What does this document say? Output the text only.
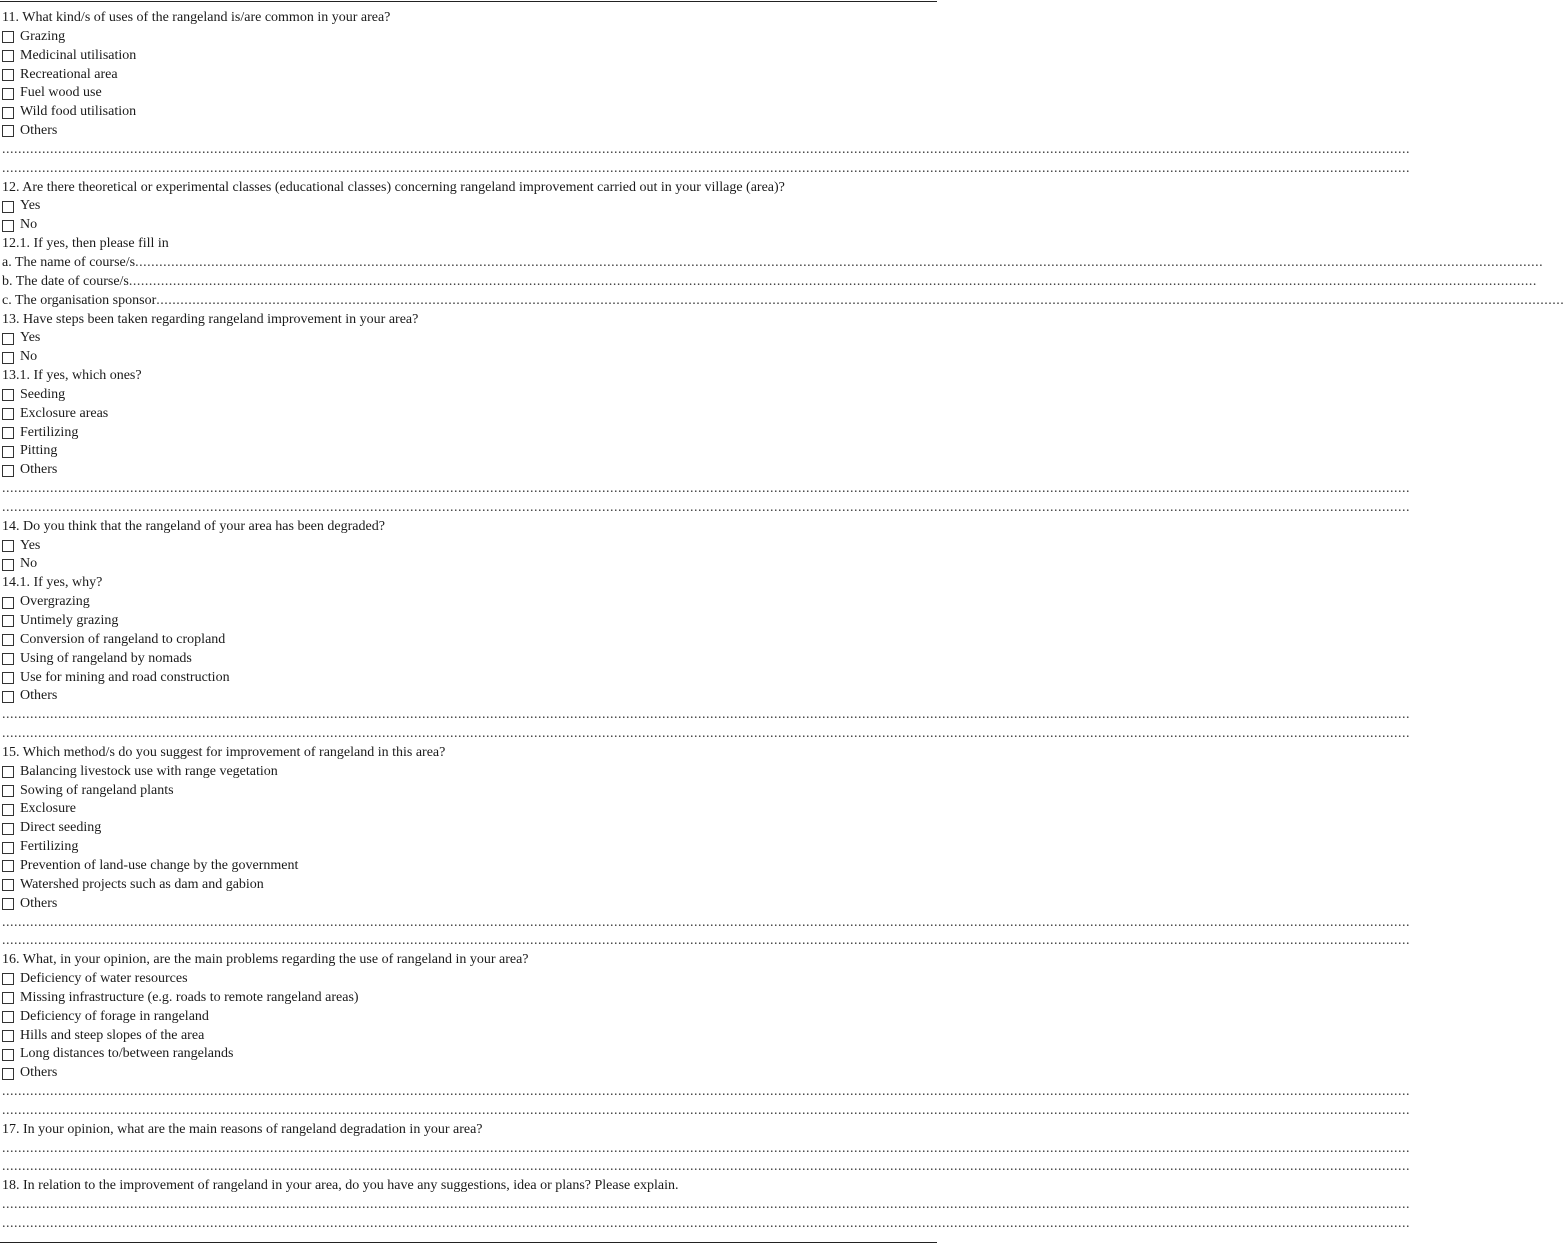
11. What kind/s of uses of the rangeland is/are common in your area?
Grazing
Medicinal utilisation
Recreational area
Fuel wood use
Wild food utilisation
Others
................................................................................................................................................................................................................................................................................................................................................................
................................................................................................................................................................................................................................................................................................................................................................
12. Are there theoretical or experimental classes (educational classes) concerning rangeland improvement carried out in your village (area)?
Yes
No
12.1. If yes, then please fill in
a. The name of course/s ................................................................................................................................................................................................................................................................................................................................................................
b. The date of course/s ................................................................................................................................................................................................................................................................................................................................................................
c. The organisation sponsor ................................................................................................................................................................................................................................................................................................................................................................
13. Have steps been taken regarding rangeland improvement in your area?
Yes
No
13.1. If yes, which ones?
Seeding
Exclosure areas
Fertilizing
Pitting
Others
................................................................................................................................................................................................................................................................................................................................................................
................................................................................................................................................................................................................................................................................................................................................................
14. Do you think that the rangeland of your area has been degraded?
Yes
No
14.1. If yes, why?
Overgrazing
Untimely grazing
Conversion of rangeland to cropland
Using of rangeland by nomads
Use for mining and road construction
Others
................................................................................................................................................................................................................................................................................................................................................................
................................................................................................................................................................................................................................................................................................................................................................
15. Which method/s do you suggest for improvement of rangeland in this area?
Balancing livestock use with range vegetation
Sowing of rangeland plants
Exclosure
Direct seeding
Fertilizing
Prevention of land-use change by the government
Watershed projects such as dam and gabion
Others
................................................................................................................................................................................................................................................................................................................................................................
................................................................................................................................................................................................................................................................................................................................................................
16. What, in your opinion, are the main problems regarding the use of rangeland in your area?
Deficiency of water resources
Missing infrastructure (e.g. roads to remote rangeland areas)
Deficiency of forage in rangeland
Hills and steep slopes of the area
Long distances to/between rangelands
Others
................................................................................................................................................................................................................................................................................................................................................................
................................................................................................................................................................................................................................................................................................................................................................
17. In your opinion, what are the main reasons of rangeland degradation in your area?
................................................................................................................................................................................................................................................................................................................................................................
................................................................................................................................................................................................................................................................................................................................................................
18. In relation to the improvement of rangeland in your area, do you have any suggestions, idea or plans? Please explain.
................................................................................................................................................................................................................................................................................................................................................................
................................................................................................................................................................................................................................................................................................................................................................
